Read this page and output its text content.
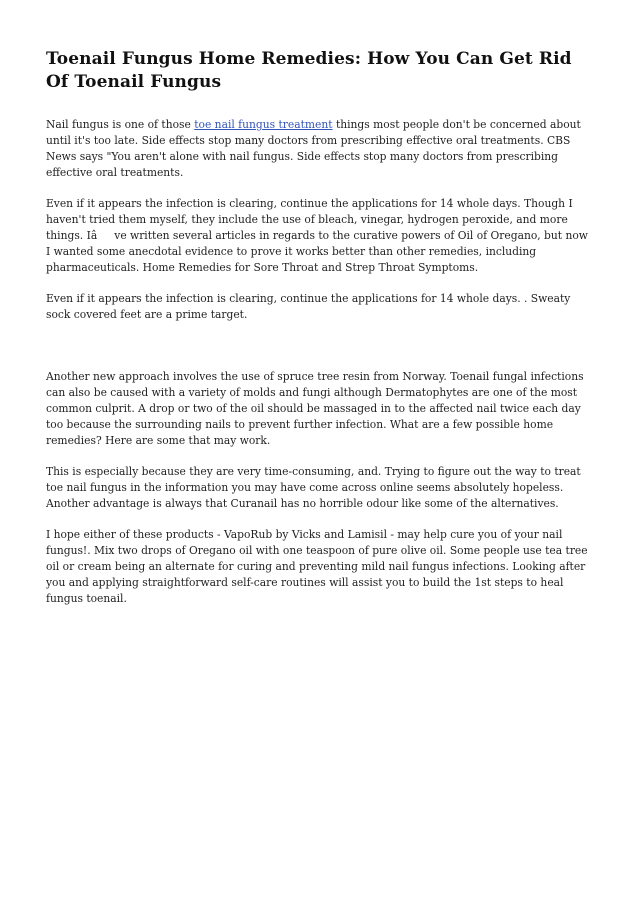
Toenail Fungus Home Remedies: How You Can Get Rid Of Toenail Fungus

Nail fungus is one of those toe nail fungus treatment things most people don't be concerned about until it's too late. Side effects stop many doctors from prescribing effective oral treatments. CBS News says "You aren't alone with nail fungus. Side effects stop many doctors from prescribing effective oral treatments.

Even if it appears the infection is clearing, continue the applications for 14 whole days. Though I haven't tried them myself, they include the use of bleach, vinegar, hydrogen peroxide, and more things. Iâve written several articles in regards to the curative powers of Oil of Oregano, but now I wanted some anecdotal evidence to prove it works better than other remedies, including pharmaceuticals. Home Remedies for Sore Throat and Strep Throat Symptoms.

Even if it appears the infection is clearing, continue the applications for 14 whole days. . Sweaty sock covered feet are a prime target.

Another new approach involves the use of spruce tree resin from Norway. Toenail fungal infections can also be caused with a variety of molds and fungi although Dermatophytes are one of the most common culprit. A drop or two of the oil should be massaged in to the affected nail twice each day too because the surrounding nails to prevent further infection. What are a few possible home remedies? Here are some that may work.

This is especially because they are very time-consuming, and. Trying to figure out the way to treat toe nail fungus in the information you may have come across online seems absolutely hopeless. Another advantage is always that Curanail has no horrible odour like some of the alternatives.

I hope either of these products - VapoRub by Vicks and Lamisil - may help cure you of your nail fungus!. Mix two drops of Oregano oil with one teaspoon of pure olive oil. Some people use tea tree oil or cream being an alternate for curing and preventing mild nail fungus infections. Looking after you and applying straightforward self-care routines will assist you to build the 1st steps to heal fungus toenail.
